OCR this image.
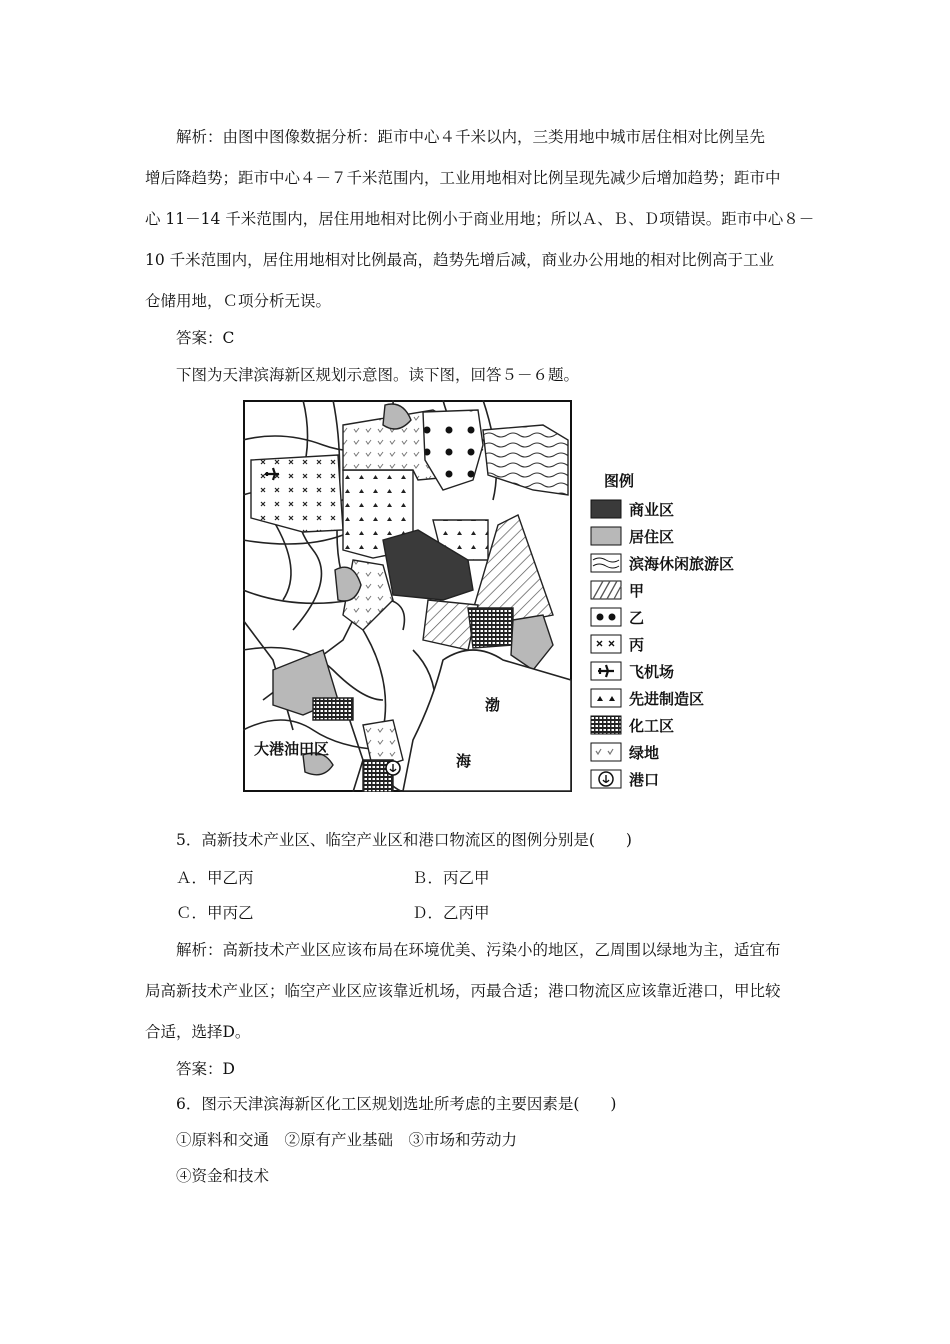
解析：由图中图像数据分析：距市中心４千米以内，三类用地中城市居住相对比例呈先
增后降趋势；距市中心４－７千米范围内，工业用地相对比例呈现先减少后增加趋势；距市中
心 11－14 千米范围内，居住用地相对比例小于商业用地；所以Ａ、Ｂ、Ｄ项错误。距市中心８－
10 千米范围内，居住用地相对比例最高，趋势先增后减，商业办公用地的相对比例高于工业
仓储用地，Ｃ项分析无误。
答案：C
下图为天津滨海新区规划示意图。读下图，回答５－６题。
渤
海
大港油田区
图例
商业区
居住区
滨海休闲旅游区
甲
乙
丙
飞机场
先进制造区
化工区
绿地
港口
5．高新技术产业区、临空产业区和港口物流区的图例分别是(　　)
Ａ．甲乙丙	Ｂ．丙乙甲
Ｃ．甲丙乙	Ｄ．乙丙甲
解析：高新技术产业区应该布局在环境优美、污染小的地区，乙周围以绿地为主，适宜布
局高新技术产业区；临空产业区应该靠近机场，丙最合适；港口物流区应该靠近港口，甲比较
合适，选择D。
答案：D
6．图示天津滨海新区化工区规划选址所考虑的主要因素是(　　)
①原料和交通　②原有产业基础　③市场和劳动力
④资金和技术
